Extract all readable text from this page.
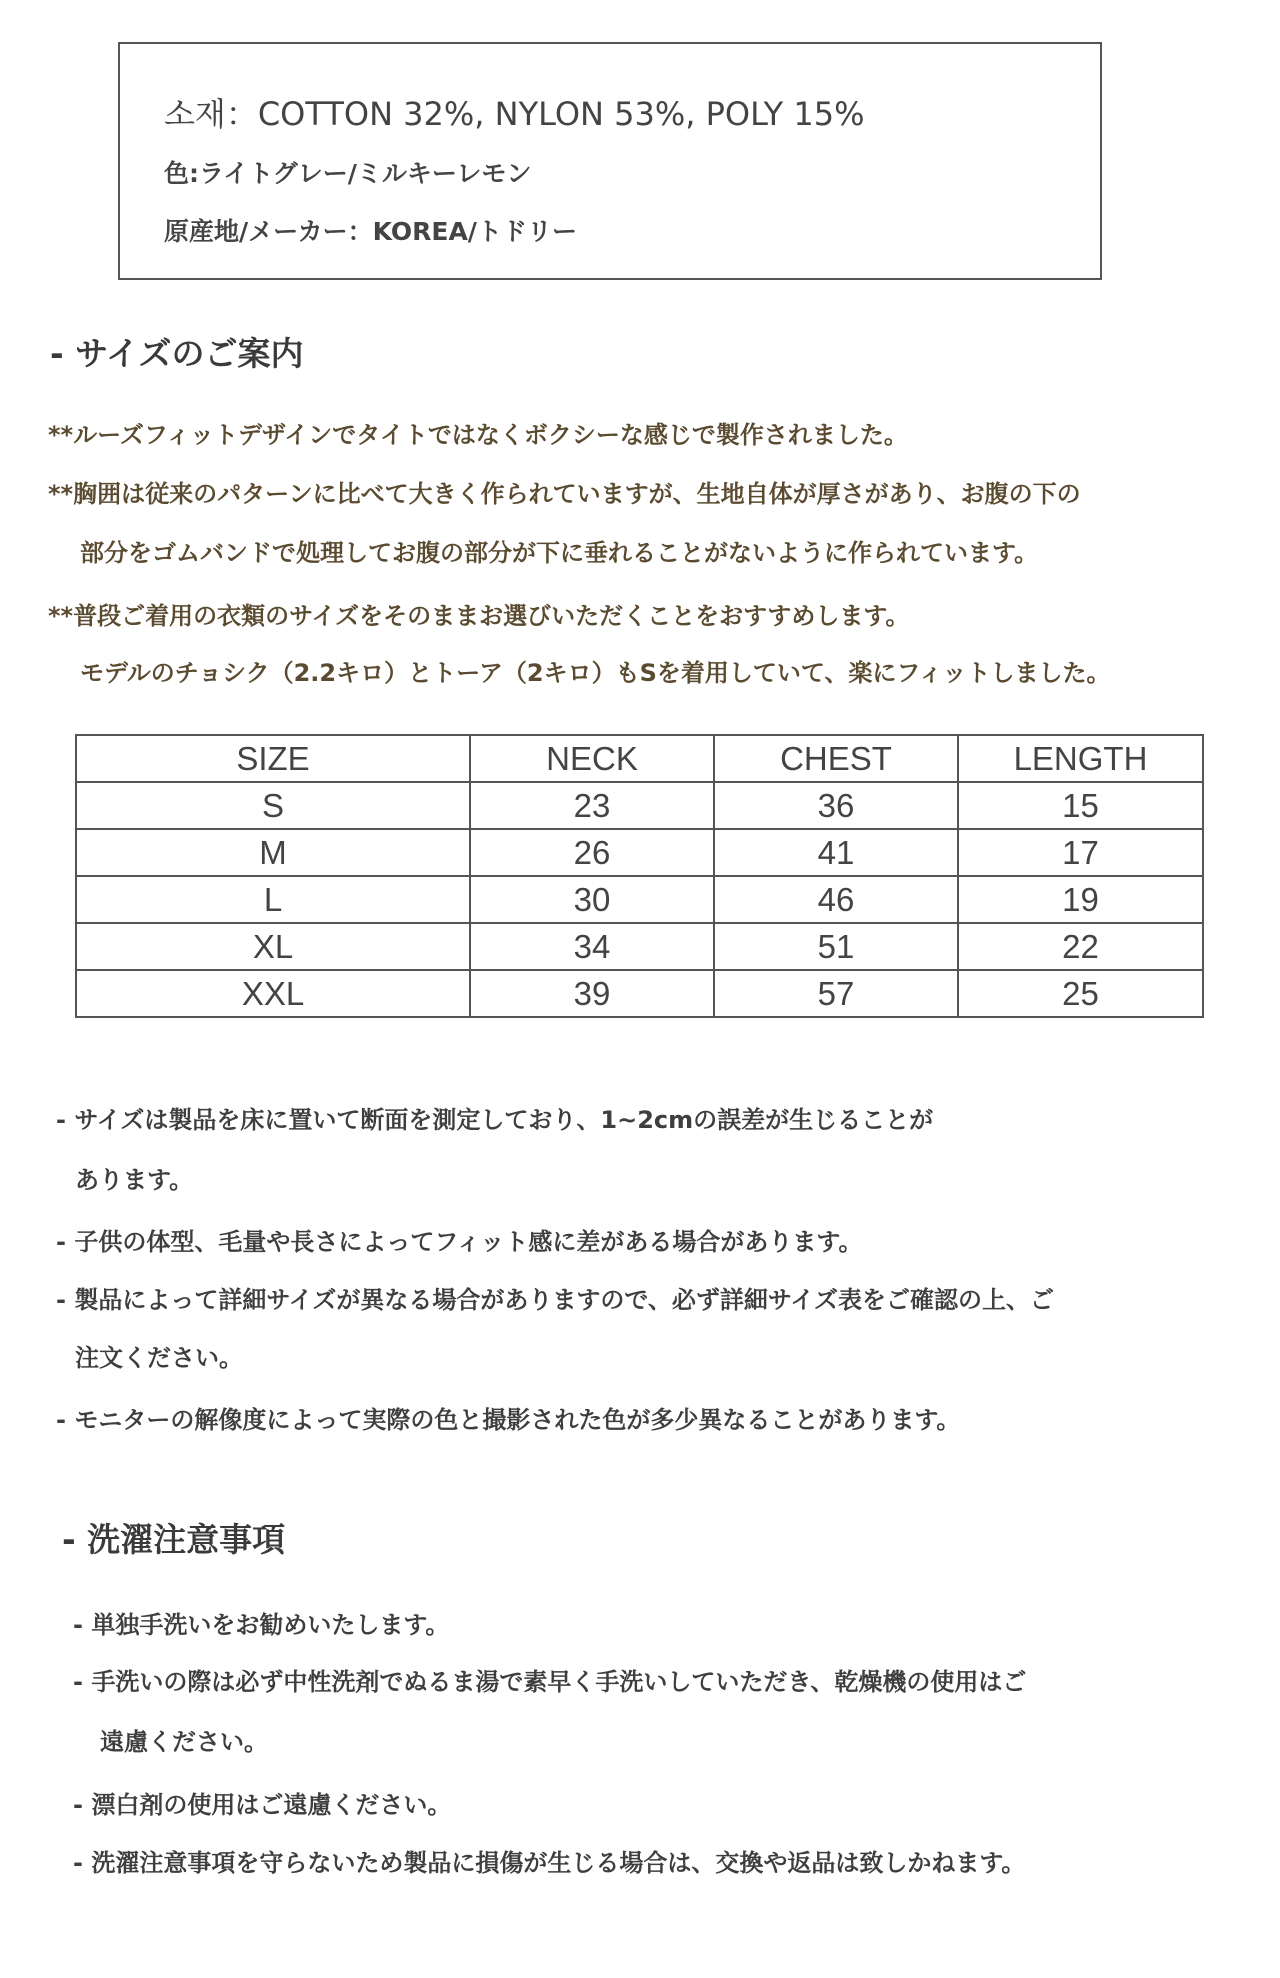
소재：COTTON 32%, NYLON 53%, POLY 15%
色:ライトグレー/ミルキーレモン
原産地/メーカー：KOREA/トドリー
- サイズのご案内
**ルーズフィットデザインでタイトではなくボクシーな感じで製作されました。
**胸囲は従来のパターンに比べて大きく作られていますが、生地自体が厚さがあり、お腹の下の
部分をゴムバンドで処理してお腹の部分が下に垂れることがないように作られています。
**普段ご着用の衣類のサイズをそのままお選びいただくことをおすすめします。
モデルのチョシク（2.2キロ）とトーア（2キロ）もSを着用していて、楽にフィットしました。
SIZE	NECK	CHEST	LENGTH
S	23	36	15
M	26	41	17
L	30	46	19
XL	34	51	22
XXL	39	57	25
- サイズは製品を床に置いて断面を測定しており、1~2cmの誤差が生じることが
あります。
- 子供の体型、毛量や長さによってフィット感に差がある場合があります。
- 製品によって詳細サイズが異なる場合がありますので、必ず詳細サイズ表をご確認の上、ご
注文ください。
- モニターの解像度によって実際の色と撮影された色が多少異なることがあります。
- 洗濯注意事項
- 単独手洗いをお勧めいたします。
- 手洗いの際は必ず中性洗剤でぬるま湯で素早く手洗いしていただき、乾燥機の使用はご
遠慮ください。
- 漂白剤の使用はご遠慮ください。
- 洗濯注意事項を守らないため製品に損傷が生じる場合は、交換や返品は致しかねます。
